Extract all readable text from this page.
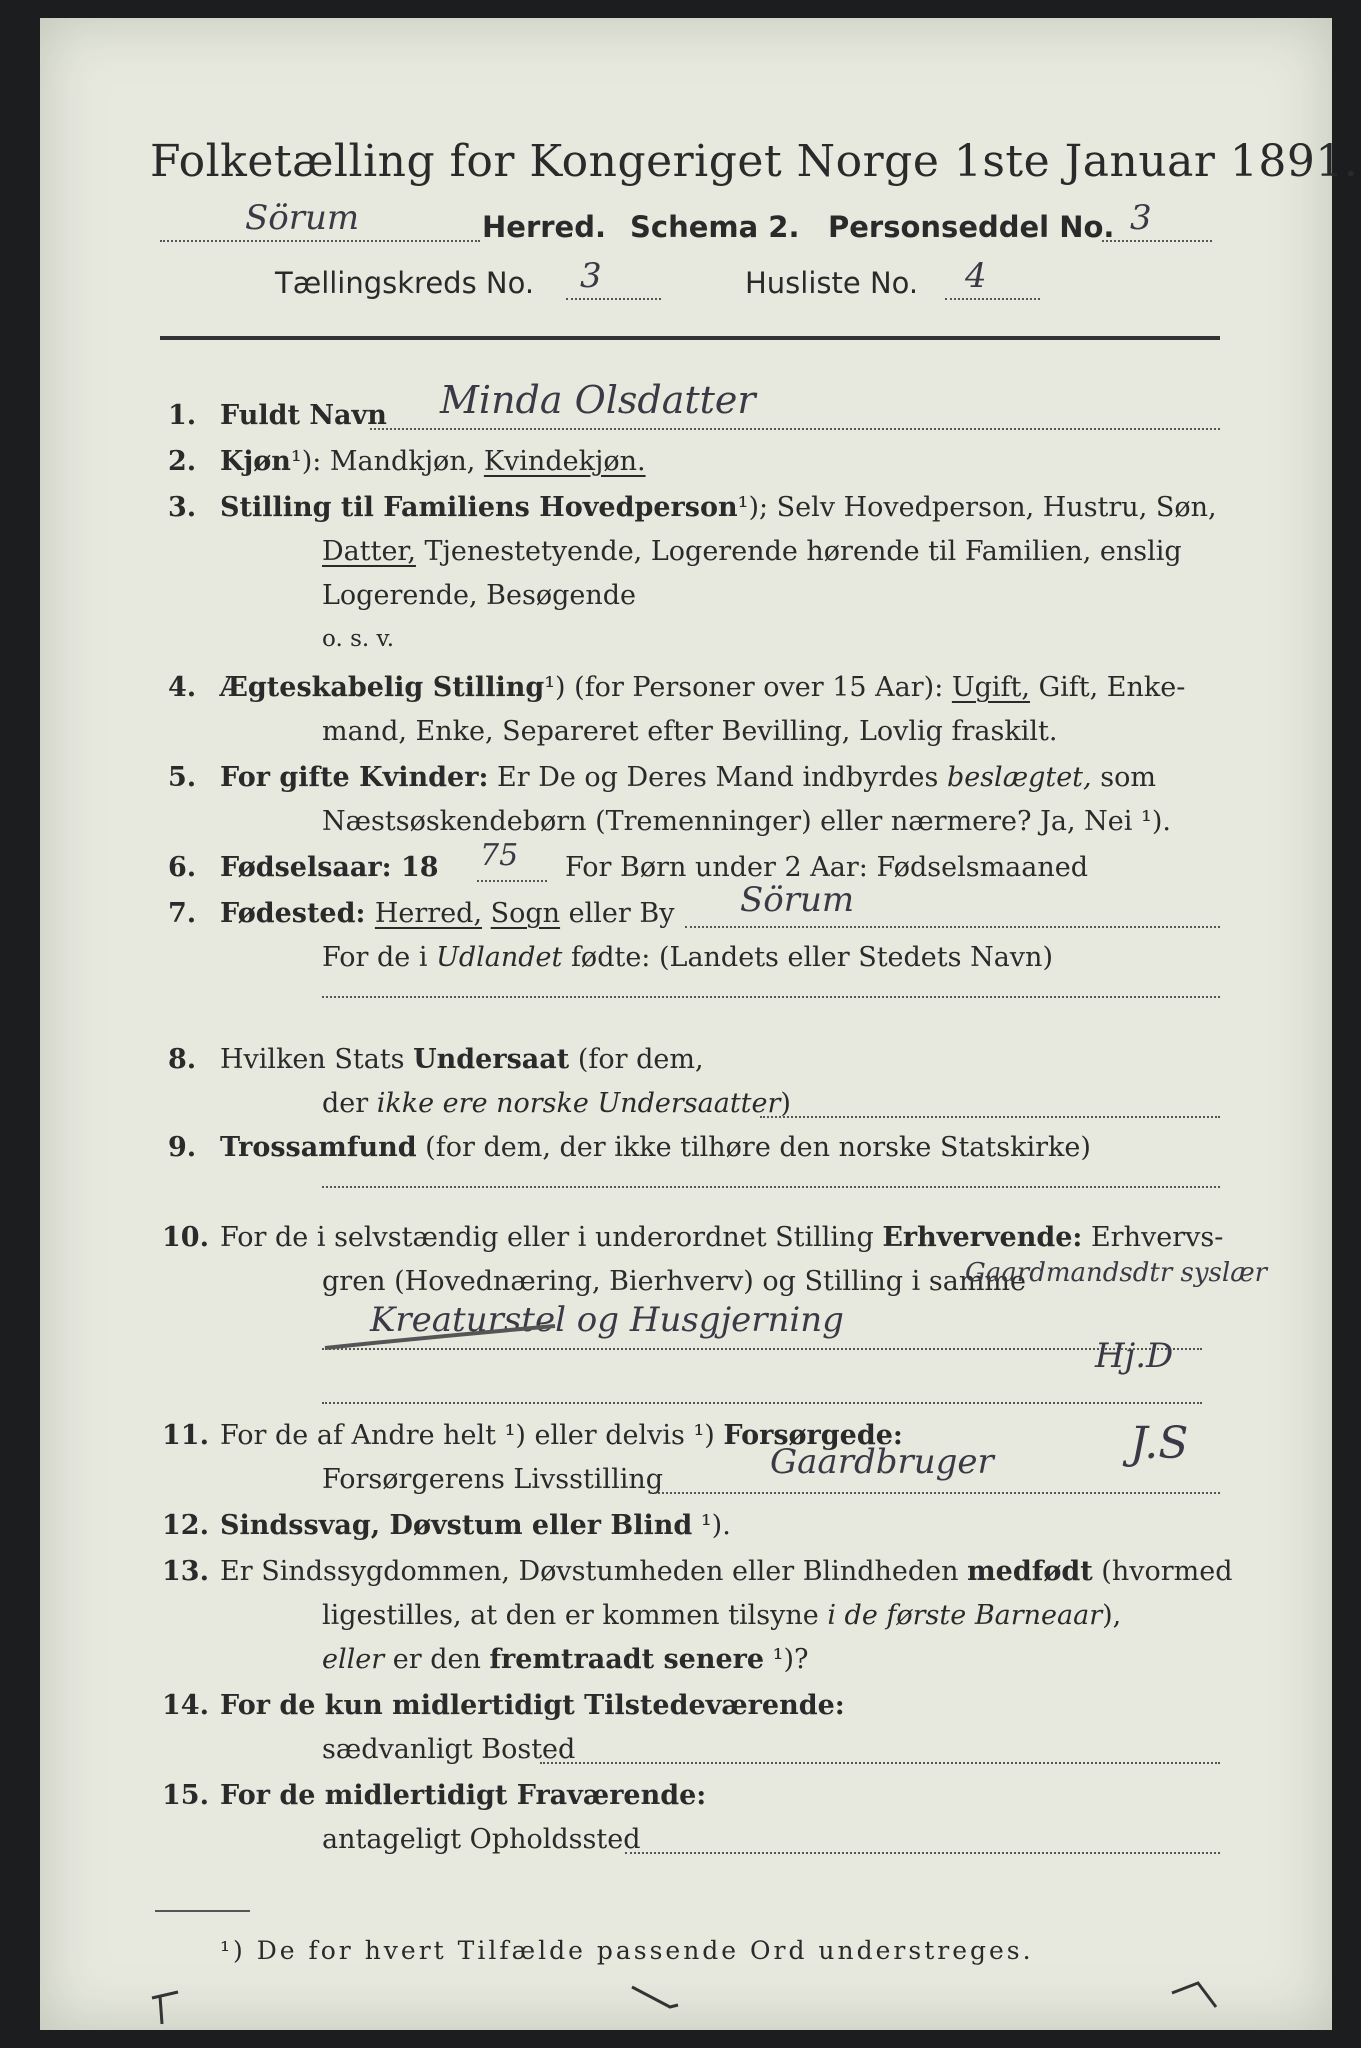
Folketælling for Kongeriget Norge 1ste Januar 1891.
Sörum	Herred. Schema 2. Personseddel No. 3
Tællingskreds No. 3	Husliste No. 4
1. Fuldt Navn Minda Olsdatter
2. Kjøn¹): Mandkjøn, Kvindekjøn.
3. Stilling til Familiens Hovedperson¹); Selv Hovedperson, Hustru, Søn,
Datter, Tjenestetyende, Logerende hørende til Familien, enslig
Logerende, Besøgende
o. s. v.
4. Ægteskabelig Stilling¹) (for Personer over 15 Aar): Ugift, Gift, Enke-
mand, Enke, Separeret efter Bevilling, Lovlig fraskilt.
5. For gifte Kvinder: Er De og Deres Mand indbyrdes beslægtet, som
Næstsøskendebørn (Tremenninger) eller nærmere? Ja, Nei ¹).
6. Fødselsaar: 18 75 For Børn under 2 Aar: Fødselsmaaned
7. Fødested: Herred, Sogn eller By Sörum
For de i Udlandet fødte: (Landets eller Stedets Navn)
8. Hvilken Stats Undersaat (for dem,
der ikke ere norske Undersaatter)
9. Trossamfund (for dem, der ikke tilhøre den norske Statskirke)
10. For de i selvstændig eller i underordnet Stilling Erhvervende: Erhvervs-
gren (Hovednæring, Bierhverv) og Stilling i samme
Gaardmandsdtr syslær
Kreaturstel og Husgjerning
Hj.D
11. For de af Andre helt ¹) eller delvis ¹) Forsørgede:
Forsørgerens Livsstilling	Gaardbruger	J.S
12. Sindssvag, Døvstum eller Blind ¹).
13. Er Sindssygdommen, Døvstumheden eller Blindheden medfødt (hvormed
ligestilles, at den er kommen tilsyne i de første Barneaar),
eller er den fremtraadt senere ¹)?
14. For de kun midlertidigt Tilstedeværende:
sædvanligt Bosted
15. For de midlertidigt Fraværende:
antageligt Opholdssted
¹) De for hvert Tilfælde passende Ord understreges.
